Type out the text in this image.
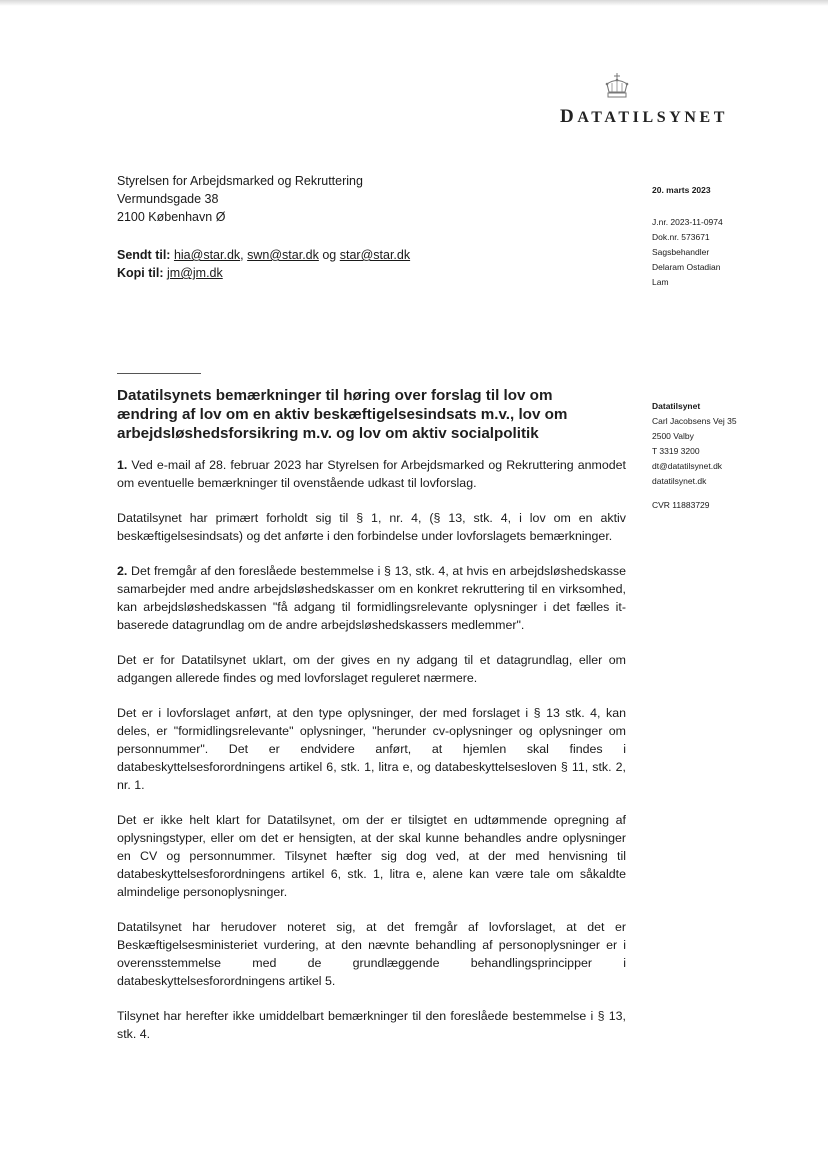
DATATILSYNET
Styrelsen for Arbejdsmarked og Rekruttering
Vermundsgade 38
2100 København Ø
Sendt til: hia@star.dk, swn@star.dk og star@star.dk
Kopi til: jm@jm.dk
20. marts 2023
J.nr. 2023-11-0974
Dok.nr. 573671
Sagsbehandler
Delaram Ostadian
Lam
Datatilsynets bemærkninger til høring over forslag til lov om ændring af lov om en aktiv beskæftigelsesindsats m.v., lov om arbejdsløshedsforsikring m.v. og lov om aktiv socialpolitik
Datatilsynet
Carl Jacobsens Vej 35
2500 Valby
T 3319 3200
dt@datatilsynet.dk
datatilsynet.dk
CVR 11883729

1. Ved e-mail af 28. februar 2023 har Styrelsen for Arbejdsmarked og Rekruttering anmodet om eventuelle bemærkninger til ovenstående udkast til lovforslag.

Datatilsynet har primært forholdt sig til § 1, nr. 4, (§ 13, stk. 4, i lov om en aktiv beskæftigelsesindsats) og det anførte i den forbindelse under lovforslagets bemærkninger.

2. Det fremgår af den foreslåede bestemmelse i § 13, stk. 4, at hvis en arbejdsløshedskasse samarbejder med andre arbejdsløshedskasser om en konkret rekruttering til en virksomhed, kan arbejdsløshedskassen "få adgang til formidlingsrelevante oplysninger i det fælles it-baserede datagrundlag om de andre arbejdsløshedskassers medlemmer".

Det er for Datatilsynet uklart, om der gives en ny adgang til et datagrundlag, eller om adgangen allerede findes og med lovforslaget reguleret nærmere.

Det er i lovforslaget anført, at den type oplysninger, der med forslaget i § 13 stk. 4, kan deles, er "formidlingsrelevante" oplysninger, "herunder cv-oplysninger og oplysninger om personnummer". Det er endvidere anført, at hjemlen skal findes i databeskyttelsesforordningens artikel 6, stk. 1, litra e, og databeskyttelsesloven § 11, stk. 2, nr. 1.

Det er ikke helt klart for Datatilsynet, om der er tilsigtet en udtømmende opregning af oplysningstyper, eller om det er hensigten, at der skal kunne behandles andre oplysninger en CV og personnummer. Tilsynet hæfter sig dog ved, at der med henvisning til databeskyttelsesforordningens artikel 6, stk. 1, litra e, alene kan være tale om såkaldte almindelige personoplysninger.

Datatilsynet har herudover noteret sig, at det fremgår af lovforslaget, at det er Beskæftigelsesministeriet vurdering, at den nævnte behandling af personoplysninger er i overensstemmelse med de grundlæggende behandlingsprincipper i databeskyttelsesforordningens artikel 5.

Tilsynet har herefter ikke umiddelbart bemærkninger til den foreslåede bestemmelse i § 13, stk. 4.
